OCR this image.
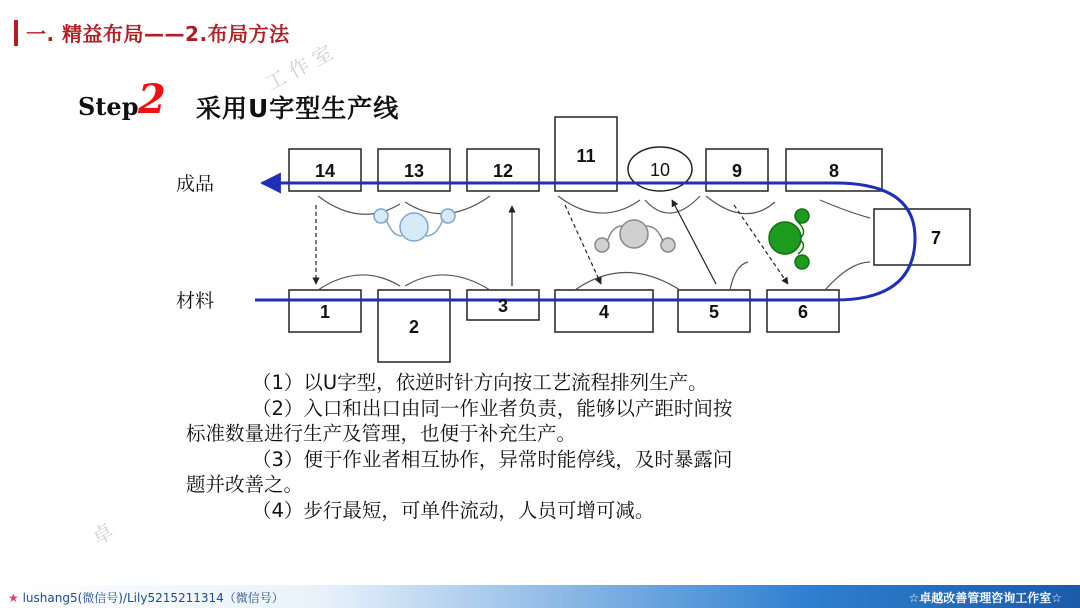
一. 精益布局——2.布局方法
工 作 室
卓
Step 2 采用U字型生产线
14	13	12
11
10	9	8
7
1
2
3	4	5	6
成品
材料
（1）以U字型，依逆时针方向按工艺流程排列生产。
（2）入口和出口由同一作业者负责，能够以产距时间按
标准数量进行生产及管理，也便于补充生产。
（3）便于作业者相互协作，异常时能停线，及时暴露问
题并改善之。
（4）步行最短，可单件流动，人员可增可减。
★ lushang5(微信号)/Lily5215211314（微信号）	☆卓越改善管理咨询工作室☆
